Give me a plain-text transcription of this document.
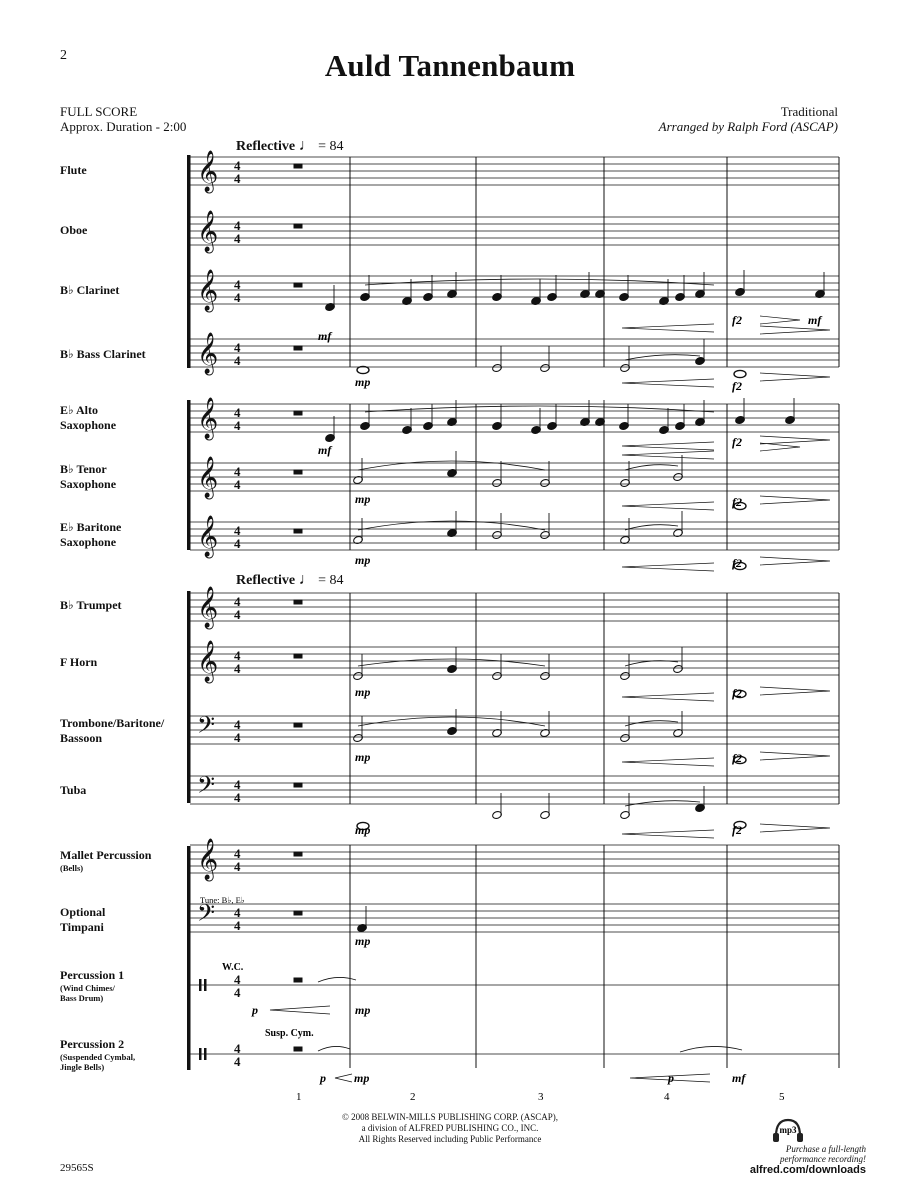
2	Auld Tannenbaum
FULL SCORE
Approx. Duration - 2:00
Traditional
Arranged by Ralph Ford (ASCAP)
Reflective ♩ = 84
Reflective ♩ = 84
Flute
Oboe
B♭ Clarinet
B♭ Bass Clarinet
E♭ Alto
Saxophone
B♭ Tenor
Saxophone
E♭ Baritone
Saxophone
B♭ Trumpet
F Horn
Trombone/Baritone/
Bassoon
Tuba
Mallet Percussion
(Bells)
Optional
Timpani
Percussion 1
(Wind Chimes/
Bass Drum)
Percussion 2
(Suspended Cymbal,
Jingle Bells)
𝄞 4
4
𝄞 4
4
𝄞 4
4
𝄞 4
4
𝄞 4
4
𝄞 4
4
𝄞 4
4
𝄞 4
4
𝄞 4
4
𝄢 4
4
𝄢 4
4
𝄞 4
4
𝄢 4
4
4
4
4
4
mf
mf
f2	mf
mp	f2
f2
mp	f2
mp	f2
mp	f2
mp	f2
mp	f2
mp
p	mp
p mp	p	mf
Tune: B♭, E♭
W.C.
Susp. Cym.
1	2	3	4	5
© 2008 BELWIN-MILLS PUBLISHING CORP. (ASCAP),
a division of ALFRED PUBLISHING CO., INC.
All Rights Reserved including Public Performance
29565S
mp3
Purchase a full-length
performance recording!
alfred.com/downloads
